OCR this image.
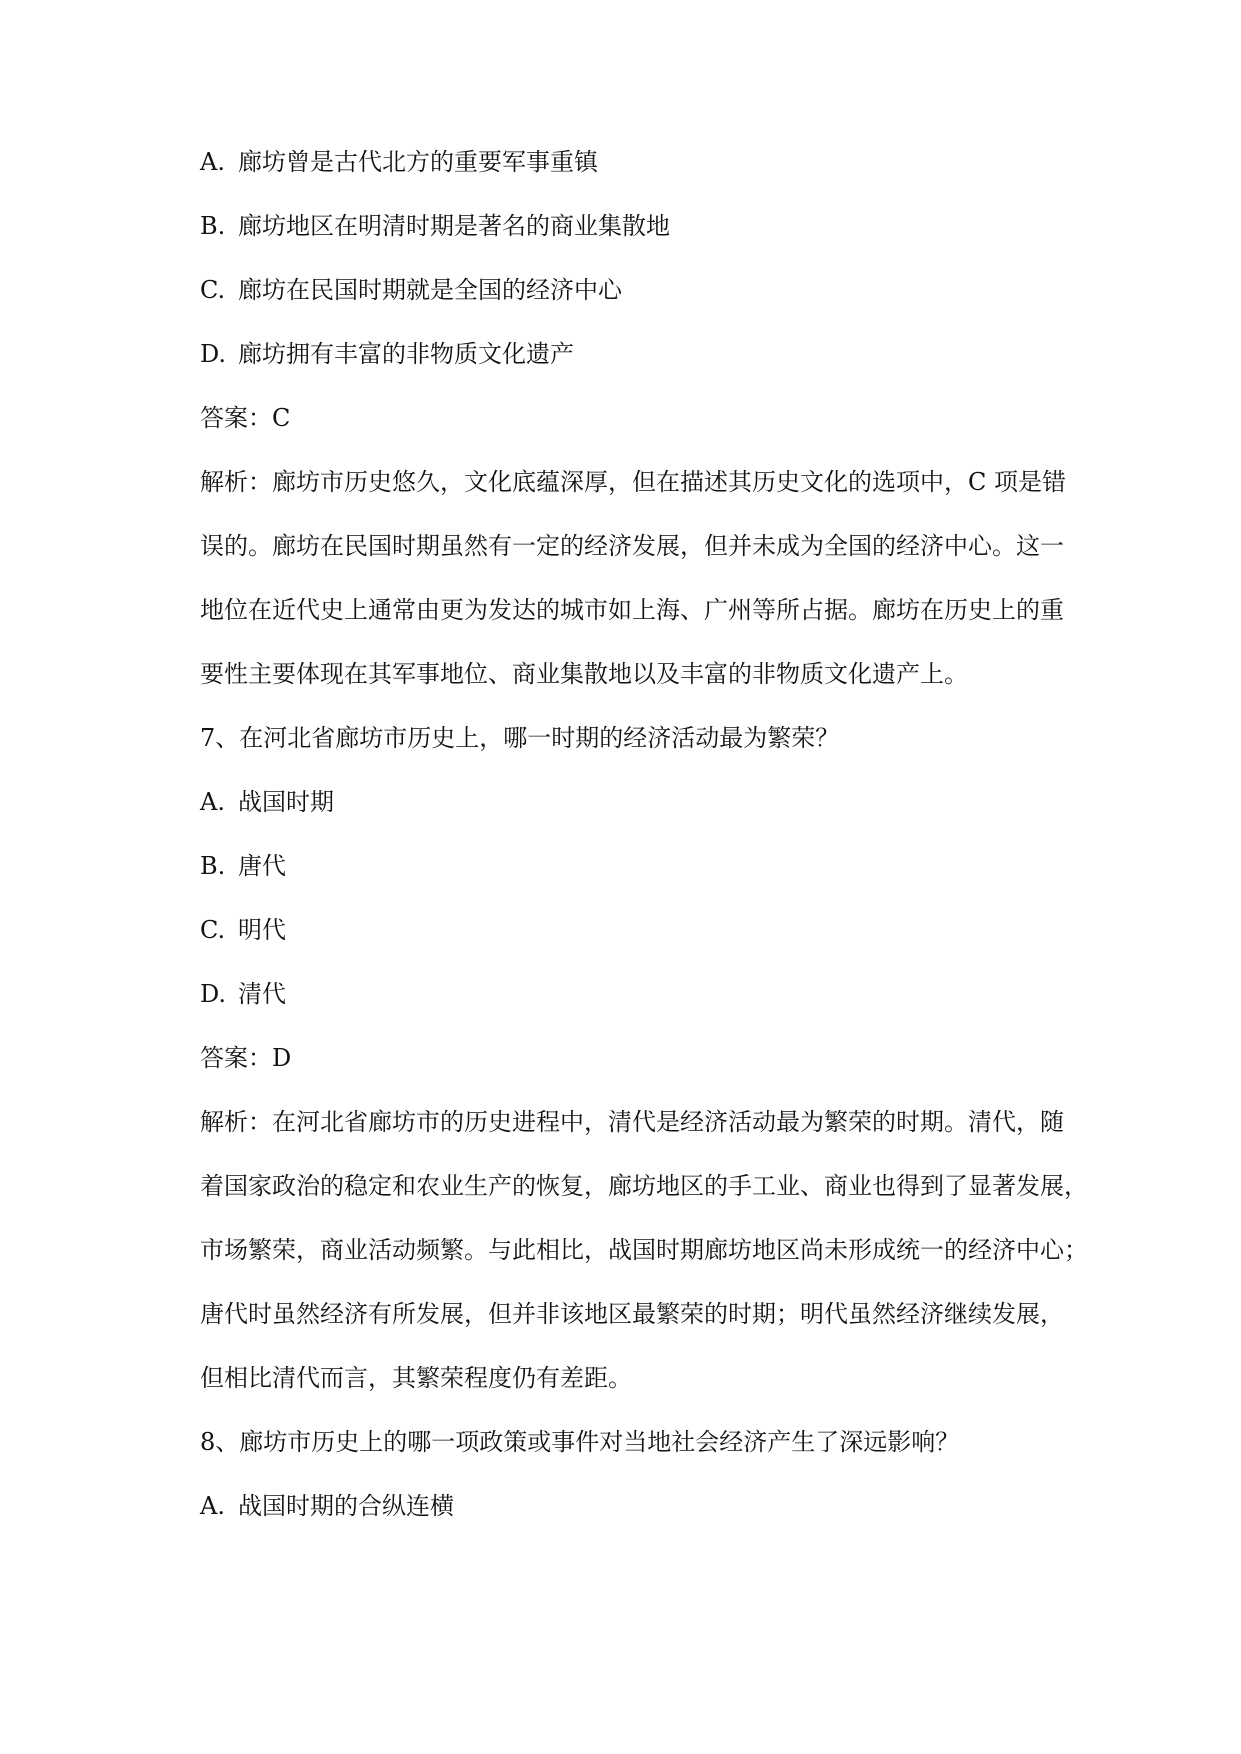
A. 廊坊曾是古代北方的重要军事重镇
B. 廊坊地区在明清时期是著名的商业集散地
C. 廊坊在民国时期就是全国的经济中心
D. 廊坊拥有丰富的非物质文化遗产
答案：C
解析：廊坊市历史悠久，文化底蕴深厚，但在描述其历史文化的选项中，C 项是错
误的。廊坊在民国时期虽然有一定的经济发展，但并未成为全国的经济中心。这一
地位在近代史上通常由更为发达的城市如上海、广州等所占据。廊坊在历史上的重
要性主要体现在其军事地位、商业集散地以及丰富的非物质文化遗产上。
7、在河北省廊坊市历史上，哪一时期的经济活动最为繁荣？
A. 战国时期
B. 唐代
C. 明代
D. 清代
答案：D
解析：在河北省廊坊市的历史进程中，清代是经济活动最为繁荣的时期。清代，随
着国家政治的稳定和农业生产的恢复，廊坊地区的手工业、商业也得到了显著发展，
市场繁荣，商业活动频繁。与此相比，战国时期廊坊地区尚未形成统一的经济中心；
唐代时虽然经济有所发展，但并非该地区最繁荣的时期；明代虽然经济继续发展，
但相比清代而言，其繁荣程度仍有差距。
8、廊坊市历史上的哪一项政策或事件对当地社会经济产生了深远影响？
A. 战国时期的合纵连横
